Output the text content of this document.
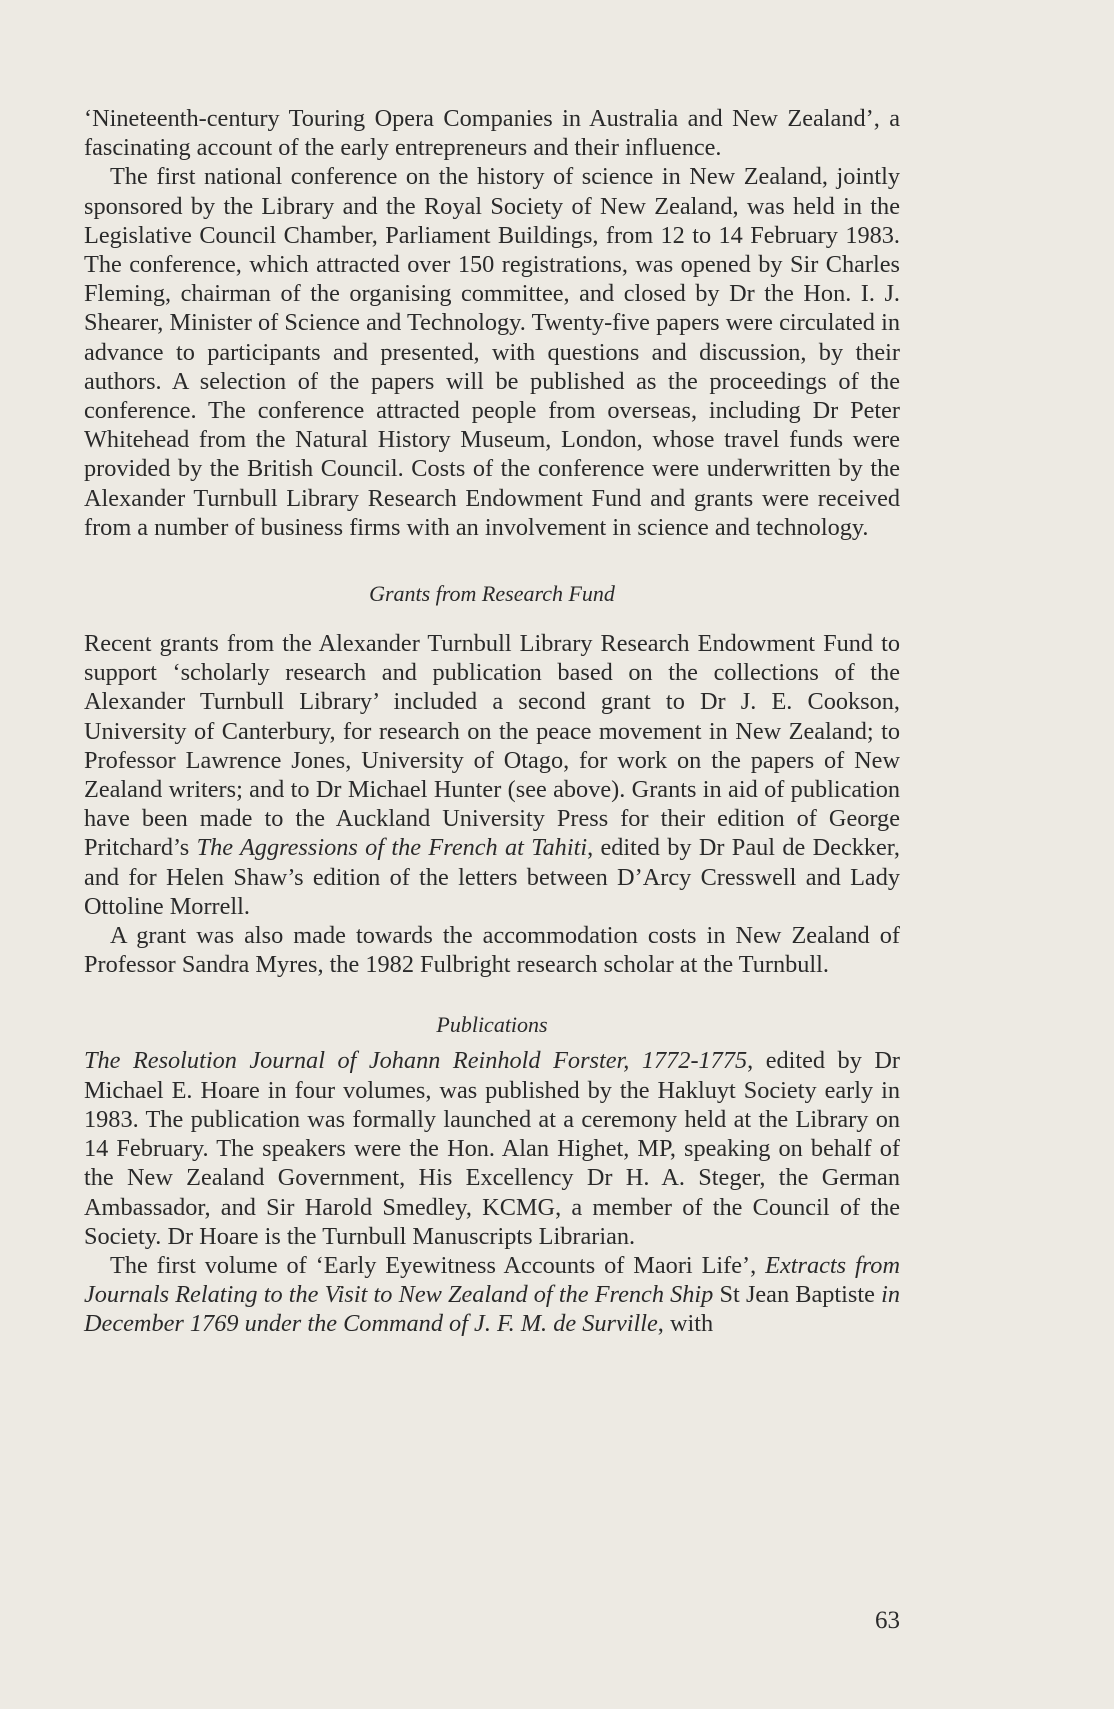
‘Nineteenth-century Touring Opera Companies in Australia and New Zealand’, a fascinating account of the early entrepreneurs and their influence.

The first national conference on the history of science in New Zealand, jointly sponsored by the Library and the Royal Society of New Zealand, was held in the Legislative Council Chamber, Parliament Buildings, from 12 to 14 February 1983. The conference, which attracted over 150 registrations, was opened by Sir Charles Fleming, chairman of the organising committee, and closed by Dr the Hon. I. J. Shearer, Minister of Science and Technology. Twenty-five papers were circulated in advance to participants and presented, with questions and discussion, by their authors. A selection of the papers will be published as the proceedings of the conference. The conference attracted people from overseas, including Dr Peter Whitehead from the Natural History Museum, London, whose travel funds were provided by the British Council. Costs of the conference were underwritten by the Alexander Turnbull Library Research Endowment Fund and grants were received from a number of business firms with an involvement in science and technology.

Grants from Research Fund

Recent grants from the Alexander Turnbull Library Research Endowment Fund to support ‘scholarly research and publication based on the collections of the Alexander Turnbull Library’ included a second grant to Dr J. E. Cookson, University of Canterbury, for research on the peace movement in New Zealand; to Professor Lawrence Jones, University of Otago, for work on the papers of New Zealand writers; and to Dr Michael Hunter (see above). Grants in aid of publication have been made to the Auckland University Press for their edition of George Pritchard’s The Aggressions of the French at Tahiti, edited by Dr Paul de Deckker, and for Helen Shaw’s edition of the letters between D’Arcy Cresswell and Lady Ottoline Morrell.

A grant was also made towards the accommodation costs in New Zealand of Professor Sandra Myres, the 1982 Fulbright research scholar at the Turnbull.

Publications

The Resolution Journal of Johann Reinhold Forster, 1772-1775, edited by Dr Michael E. Hoare in four volumes, was published by the Hakluyt Society early in 1983. The publication was formally launched at a ceremony held at the Library on 14 February. The speakers were the Hon. Alan Highet, MP, speaking on behalf of the New Zealand Government, His Excellency Dr H. A. Steger, the German Ambassador, and Sir Harold Smedley, KCMG, a member of the Council of the Society. Dr Hoare is the Turnbull Manuscripts Librarian.

The first volume of ‘Early Eyewitness Accounts of Maori Life’, Extracts from Journals Relating to the Visit to New Zealand of the French Ship St Jean Baptiste in December 1769 under the Command of J. F. M. de Surville, with

63
